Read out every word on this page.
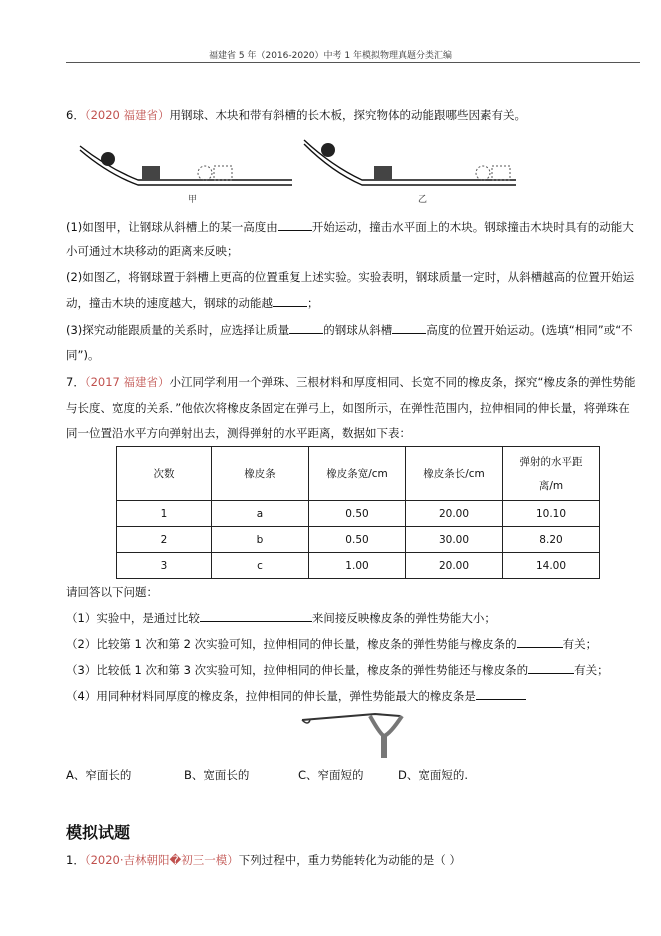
福建省 5 年（2016-2020）中考 1 年模拟物理真题分类汇编
6．（2020 福建省）用钢球、木块和带有斜槽的长木板，探究物体的动能跟哪些因素有关。
甲	乙
(1)如图甲，让钢球从斜槽上的某一高度由	开始运动，撞击水平面上的木块。钢球撞击木块时具有的动能大
小可通过木块移动的距离来反映；
(2)如图乙，将钢球置于斜槽上更高的位置重复上述实验。实验表明，钢球质量一定时，从斜槽越高的位置开始运
动，撞击木块的速度越大，钢球的动能越	；
(3)探究动能跟质量的关系时，应选择让质量	的钢球从斜槽	高度的位置开始运动。(选填“相同”或“不
同”)。
7．（2017 福建省）小江同学利用一个弹珠、三根材料和厚度相同、长宽不同的橡皮条，探究“橡皮条的弹性势能
与长度、宽度的关系．”他依次将橡皮条固定在弹弓上，如图所示，在弹性范围内，拉伸相同的伸长量，将弹珠在
同一位置沿水平方向弹射出去，测得弹射的水平距离，数据如下表：
次数	橡皮条	橡皮条宽/cm	橡皮条长/cm	弹射的水平距
离/m
1	a	0.50	20.00	10.10
2	b	0.50	30.00	8.20
3	c	1.00	20.00	14.00
请回答以下问题：
（1）实验中，是通过比较	来间接反映橡皮条的弹性势能大小；
（2）比较第 1 次和第 2 次实验可知，拉伸相同的伸长量，橡皮条的弹性势能与橡皮条的	有关；
（3）比较低 1 次和第 3 次实验可知，拉伸相同的伸长量，橡皮条的弹性势能还与橡皮条的	有关；
（4）用同种材料同厚度的橡皮条，拉伸相同的伸长量，弹性势能最大的橡皮条是
A、窄面长的	B、宽面长的	C、窄面短的	D、宽面短的.
模拟试题
1．（2020·吉林朝阳�初三一模）下列过程中，重力势能转化为动能的是（ ）
